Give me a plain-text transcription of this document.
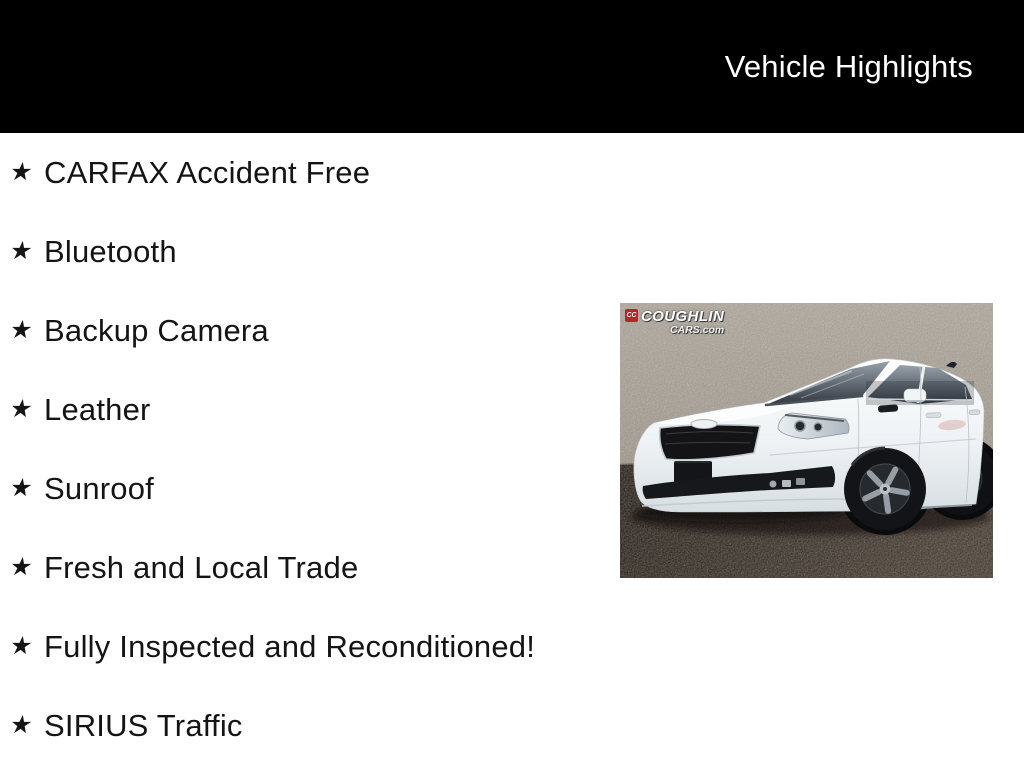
Vehicle Highlights
★ CARFAX Accident Free
★ Bluetooth
★ Backup Camera
★ Leather
★ Sunroof
★ Fresh and Local Trade
★ Fully Inspected and Reconditioned!
★ SIRIUS Traffic
CC COUGHLIN
CARS.com
